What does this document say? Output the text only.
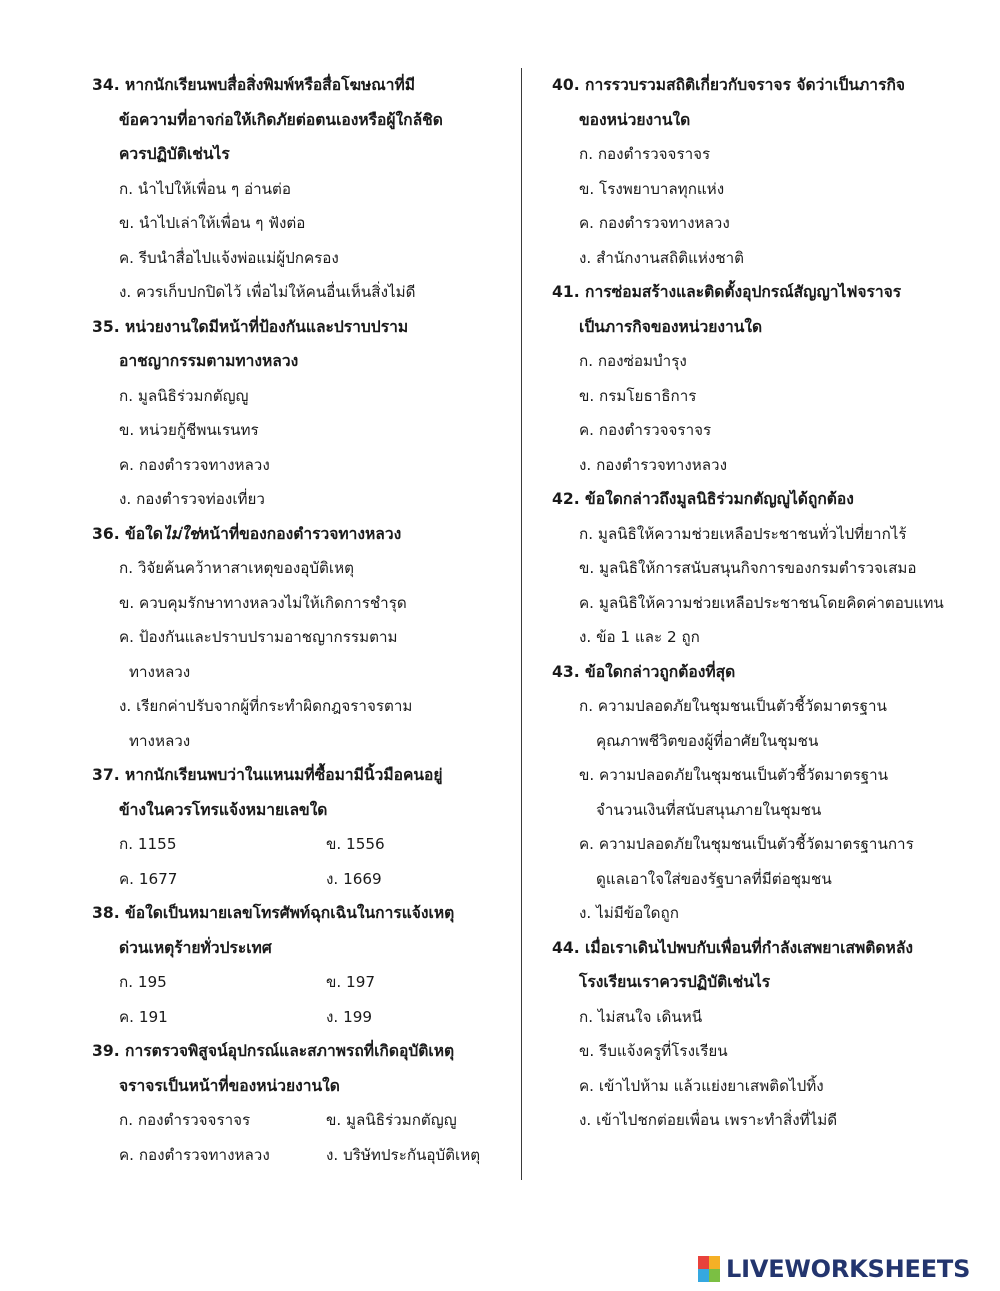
34. หากนักเรียนพบสื่อสิ่งพิมพ์หรือสื่อโฆษณาที่มี
ข้อความที่อาจก่อให้เกิดภัยต่อตนเองหรือผู้ใกล้ชิด
ควรปฏิบัติเช่นไร
ก. นำไปให้เพื่อน ๆ อ่านต่อ
ข. นำไปเล่าให้เพื่อน ๆ ฟังต่อ
ค. รีบนำสื่อไปแจ้งพ่อแม่ผู้ปกครอง
ง. ควรเก็บปกปิดไว้ เพื่อไม่ให้คนอื่นเห็นสิ่งไม่ดี
35. หน่วยงานใดมีหน้าที่ป้องกันและปราบปราม
อาชญากรรมตามทางหลวง
ก. มูลนิธิร่วมกตัญญู
ข. หน่วยกู้ชีพนเรนทร
ค. กองตำรวจทางหลวง
ง. กองตำรวจท่องเที่ยว
36. ข้อใดไม่ใช่หน้าที่ของกองตำรวจทางหลวง
ก. วิจัยค้นคว้าหาสาเหตุของอุบัติเหตุ
ข. ควบคุมรักษาทางหลวงไม่ให้เกิดการชำรุด
ค. ป้องกันและปราบปรามอาชญากรรมตาม
ทางหลวง
ง. เรียกค่าปรับจากผู้ที่กระทำผิดกฎจราจรตาม
ทางหลวง
37. หากนักเรียนพบว่าในแหนมที่ซื้อมามีนิ้วมือคนอยู่
ข้างในควรโทรแจ้งหมายเลขใด
ก. 1155	ข. 1556
ค. 1677	ง. 1669
38. ข้อใดเป็นหมายเลขโทรศัพท์ฉุกเฉินในการแจ้งเหตุ
ด่วนเหตุร้ายทั่วประเทศ
ก. 195	ข. 197
ค. 191	ง. 199
39. การตรวจพิสูจน์อุปกรณ์และสภาพรถที่เกิดอุบัติเหตุ
จราจรเป็นหน้าที่ของหน่วยงานใด
ก. กองตำรวจจราจร	ข. มูลนิธิร่วมกตัญญู
ค. กองตำรวจทางหลวง	ง. บริษัทประกันอุบัติเหตุ
40. การรวบรวมสถิติเกี่ยวกับจราจร จัดว่าเป็นภารกิจ
ของหน่วยงานใด
ก. กองตำรวจจราจร
ข. โรงพยาบาลทุกแห่ง
ค. กองตำรวจทางหลวง
ง. สำนักงานสถิติแห่งชาติ
41. การซ่อมสร้างและติดตั้งอุปกรณ์สัญญาไฟจราจร
เป็นภารกิจของหน่วยงานใด
ก. กองซ่อมบำรุง
ข. กรมโยธาธิการ
ค. กองตำรวจจราจร
ง. กองตำรวจทางหลวง
42. ข้อใดกล่าวถึงมูลนิธิร่วมกตัญญูได้ถูกต้อง
ก. มูลนิธิให้ความช่วยเหลือประชาชนทั่วไปที่ยากไร้
ข. มูลนิธิให้การสนับสนุนกิจการของกรมตำรวจเสมอ
ค. มูลนิธิให้ความช่วยเหลือประชาชนโดยคิดค่าตอบแทน
ง. ข้อ 1 และ 2 ถูก
43. ข้อใดกล่าวถูกต้องที่สุด
ก. ความปลอดภัยในชุมชนเป็นตัวชี้วัดมาตรฐาน
คุณภาพชีวิตของผู้ที่อาศัยในชุมชน
ข. ความปลอดภัยในชุมชนเป็นตัวชี้วัดมาตรฐาน
จำนวนเงินที่สนับสนุนภายในชุมชน
ค. ความปลอดภัยในชุมชนเป็นตัวชี้วัดมาตรฐานการ
ดูแลเอาใจใส่ของรัฐบาลที่มีต่อชุมชน
ง. ไม่มีข้อใดถูก
44. เมื่อเราเดินไปพบกับเพื่อนที่กำลังเสพยาเสพติดหลัง
โรงเรียนเราควรปฏิบัติเช่นไร
ก. ไม่สนใจ เดินหนี
ข. รีบแจ้งครูที่โรงเรียน
ค. เข้าไปห้าม แล้วแย่งยาเสพติดไปทิ้ง
ง. เข้าไปชกต่อยเพื่อน เพราะทำสิ่งที่ไม่ดี
LIVEWORKSHEETS
